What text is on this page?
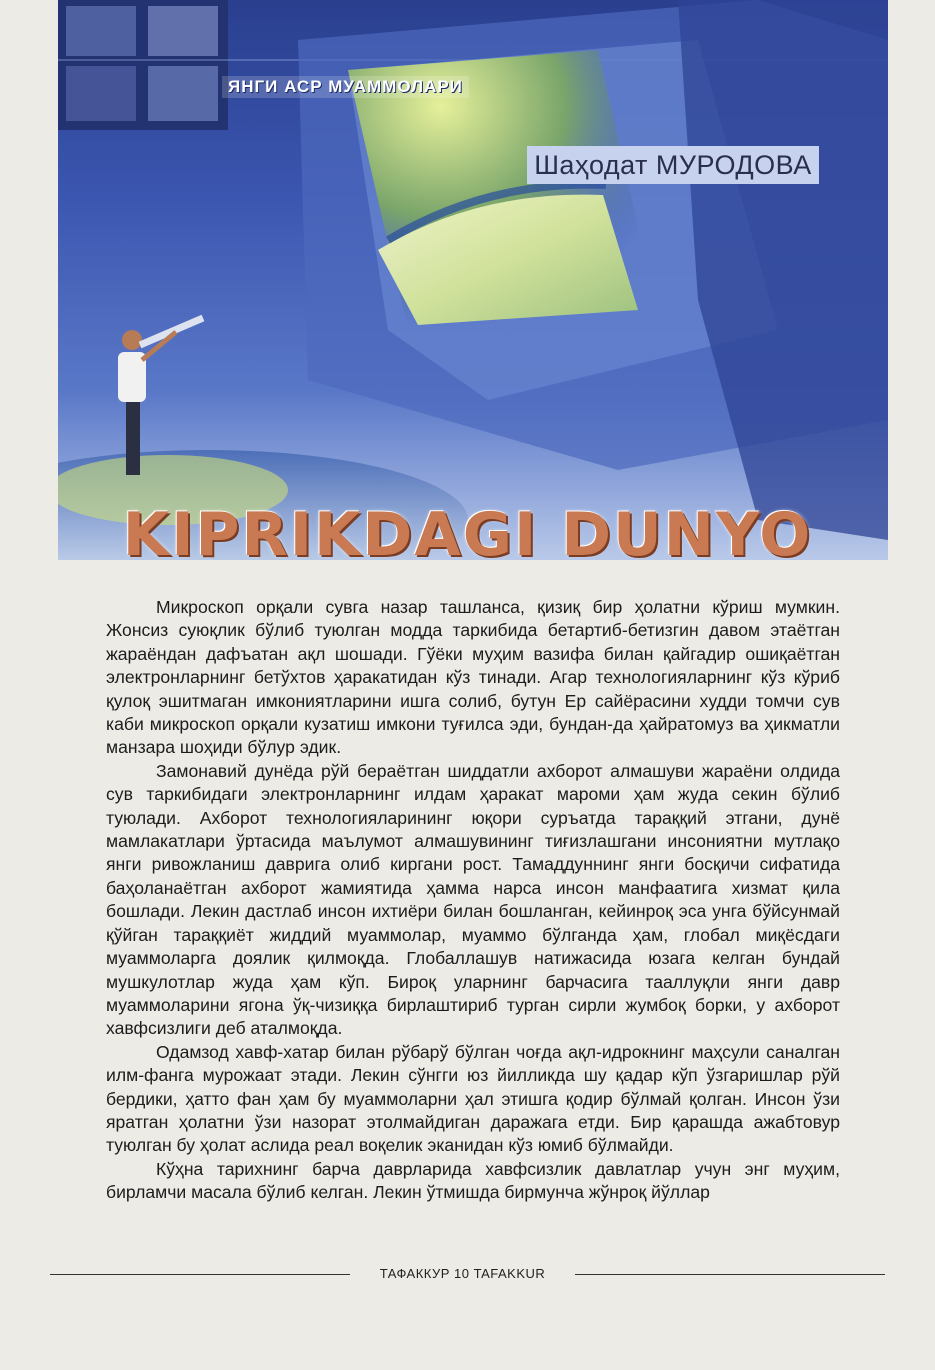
ЯНГИ АСР МУАММОЛАРИ
Шаҳодат МУРОДОВА
KIPRIKDAGI DUNYO

Микроскоп орқали сувга назар ташланса, қизиқ бир ҳолатни кўриш мумкин. Жонсиз суюқлик бўлиб туюлган модда таркибида бетартиб-бетизгин давом этаётган жараёндан дафъатан ақл шошади. Гўёки муҳим вазифа билан қайгадир ошиқаётган электронларнинг бетўхтов ҳаракатидан кўз тинади. Агар технологияларнинг кўз кўриб қулоқ эшитмаган имкониятларини ишга солиб, бутун Ер сайёрасини худди томчи сув каби микроскоп орқали кузатиш имкони туғилса эди, бундан-да ҳайратомуз ва ҳикматли манзара шоҳиди бўлур эдик.

Замонавий дунёда рўй бераётган шиддатли ахборот алмашуви жараёни олдида сув таркибидаги электронларнинг илдам ҳаракат мароми ҳам жуда секин бўлиб туюлади. Ахборот технологияларининг юқори суръатда тараққий этгани, дунё мамлакатлари ўртасида маълумот алмашувининг тиғизлашгани инсониятни мутлақо янги ривожланиш даврига олиб киргани рост. Тамаддуннинг янги босқичи сифатида баҳоланаётган ахборот жамиятида ҳамма нарса инсон манфаатига хизмат қила бошлади. Лекин дастлаб инсон ихтиёри билан бошланган, кейинроқ эса унга бўйсунмай қўйган тараққиёт жиддий муаммолар, муаммо бўлганда ҳам, глобал миқёсдаги муаммоларга доялик қилмоқда. Глобаллашув натижасида юзага келган бундай мушкулотлар жуда ҳам кўп. Бироқ уларнинг барчасига тааллуқли янги давр муаммоларини ягона ўқ-чизиққа бирлаштириб турган сирли жумбоқ борки, у ахборот хавфсизлиги деб аталмоқда.

Одамзод хавф-хатар билан рўбарў бўлган чоғда ақл-идрокнинг маҳсули саналган илм-фанга мурожаат этади. Лекин сўнгги юз йилликда шу қадар кўп ўзгаришлар рўй бердики, ҳатто фан ҳам бу муаммоларни ҳал этишга қодир бўлмай қолган. Инсон ўзи яратган ҳолатни ўзи назорат этолмайдиган даражага етди. Бир қарашда ажабтовур туюлган бу ҳолат аслида реал воқелик эканидан кўз юмиб бўлмайди.

Кўҳна тарихнинг барча даврларида хавфсизлик давлатлар учун энг муҳим, бирламчи масала бўлиб келган. Лекин ўтмишда бирмунча жўнроқ йўллар

ТАФАККУР 10 TAFAKKUR
